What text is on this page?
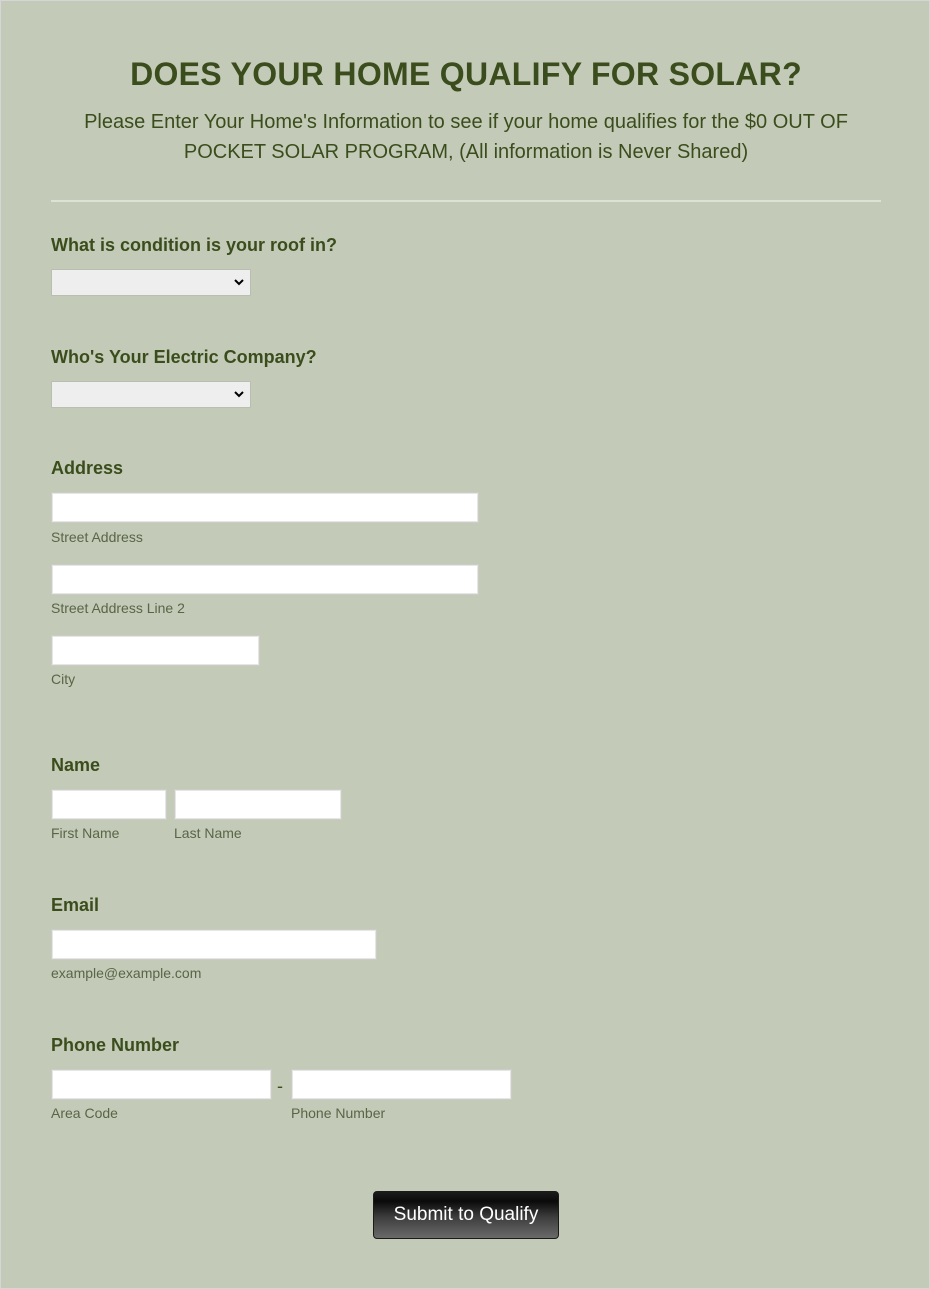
DOES YOUR HOME QUALIFY FOR SOLAR?
Please Enter Your Home's Information to see if your home qualifies for the $0 OUT OF POCKET SOLAR PROGRAM, (All information is Never Shared)
What is condition is your roof in?
Who's Your Electric Company?
Address
Street Address
Street Address Line 2
City
Name
First Name	Last Name
Email
example@example.com
Phone Number
-
Area Code	Phone Number
Submit to Qualify
